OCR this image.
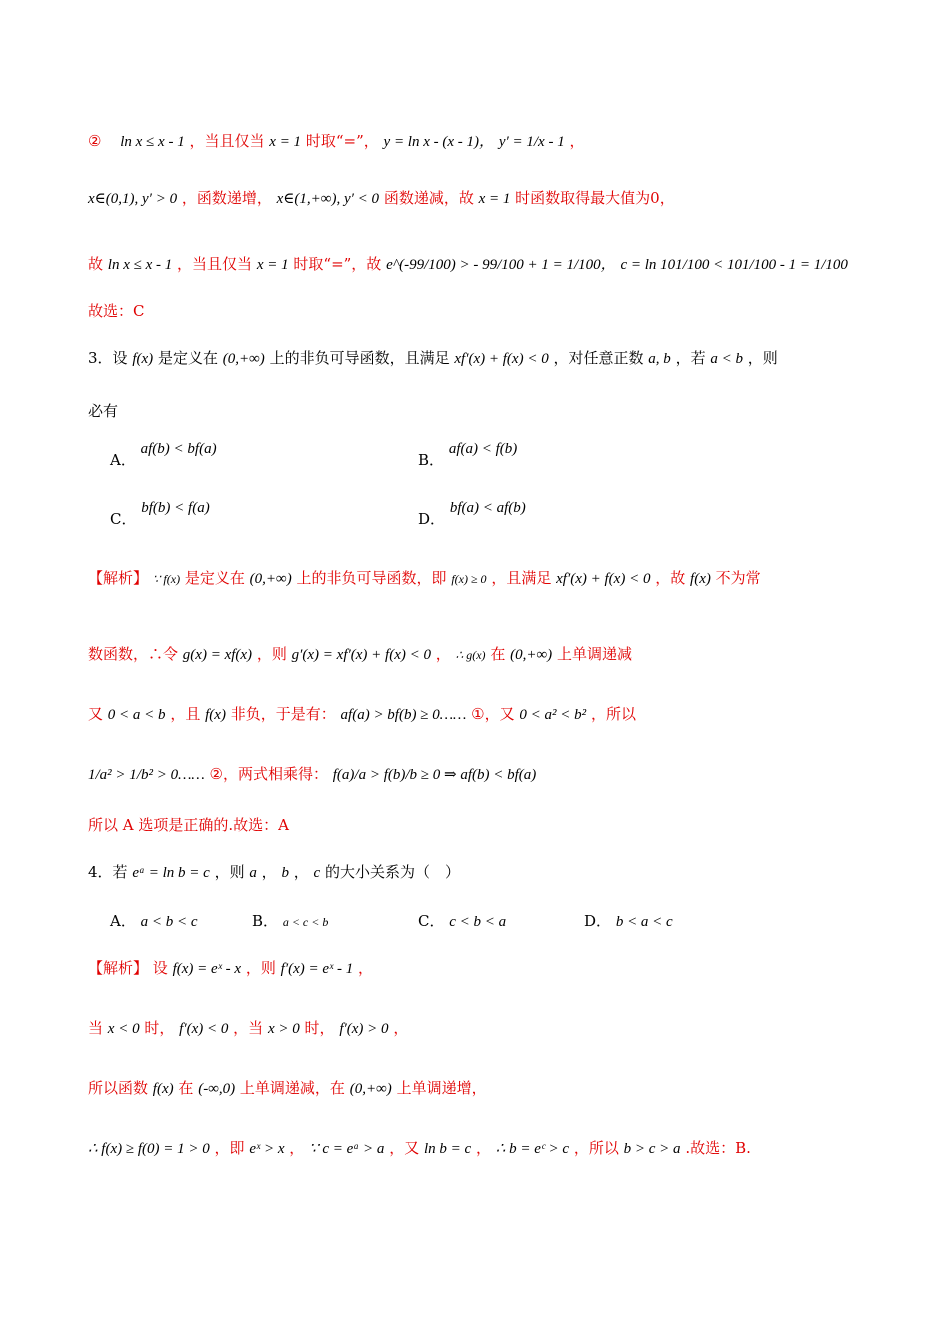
② ln x ≤ x - 1 ，当且仅当 x = 1 时取“=”， y = ln x - (x - 1)， y′ = 1/x - 1 ，
x∈(0,1), y′ > 0 ，函数递增， x∈(1,+∞), y′ < 0 函数递减，故 x = 1 时函数取得最大值为0，
故 ln x ≤ x - 1 ，当且仅当 x = 1 时取“=”，故 e^(-99/100) > - 99/100 + 1 = 1/100， c = ln 101/100 < 101/100 - 1 = 1/100
故选：C
3．设 f(x) 是定义在 (0,+∞) 上的非负可导函数，且满足 xf′(x) + f(x) < 0 ，对任意正数 a, b ，若 a < b ，则
必有
A． af(b) < bf(a)
B． af(a) < f(b)
C． bf(b) < f(a)
D． bf(a) < af(b)
【解析】 ∵ f(x) 是定义在 (0,+∞) 上的非负可导函数，即 f(x) ≥ 0 ，且满足 xf′(x) + f(x) < 0 ，故 f(x) 不为常
数函数，∴令 g(x) = xf(x) ，则 g′(x) = xf′(x) + f(x) < 0 ， ∴ g(x) 在 (0,+∞) 上单调递减
又 0 < a < b ，且 f(x) 非负，于是有： af(a) > bf(b) ≥ 0…… ①，又 0 < a² < b² ，所以
1/a² > 1/b² > 0…… ②，两式相乘得： f(a)/a > f(b)/b ≥ 0 ⇒ af(b) < bf(a)
所以 A 选项是正确的.故选：A
4．若 eᵃ = ln b = c ，则 a ， b ， c 的大小关系为（　）
A． a < b < c	B． a < c < b	C． c < b < a	D． b < a < c
【解析】 设 f(x) = eˣ - x ，则 f′(x) = eˣ - 1 ，
当 x < 0 时， f′(x) < 0 ，当 x > 0 时， f′(x) > 0 ，
所以函数 f(x) 在 (-∞,0) 上单调递减，在 (0,+∞) 上单调递增，
∴ f(x) ≥ f(0) = 1 > 0 ，即 eˣ > x ， ∵ c = eᵃ > a ，又 ln b = c ， ∴ b = eᶜ > c ，所以 b > c > a .故选：B.
